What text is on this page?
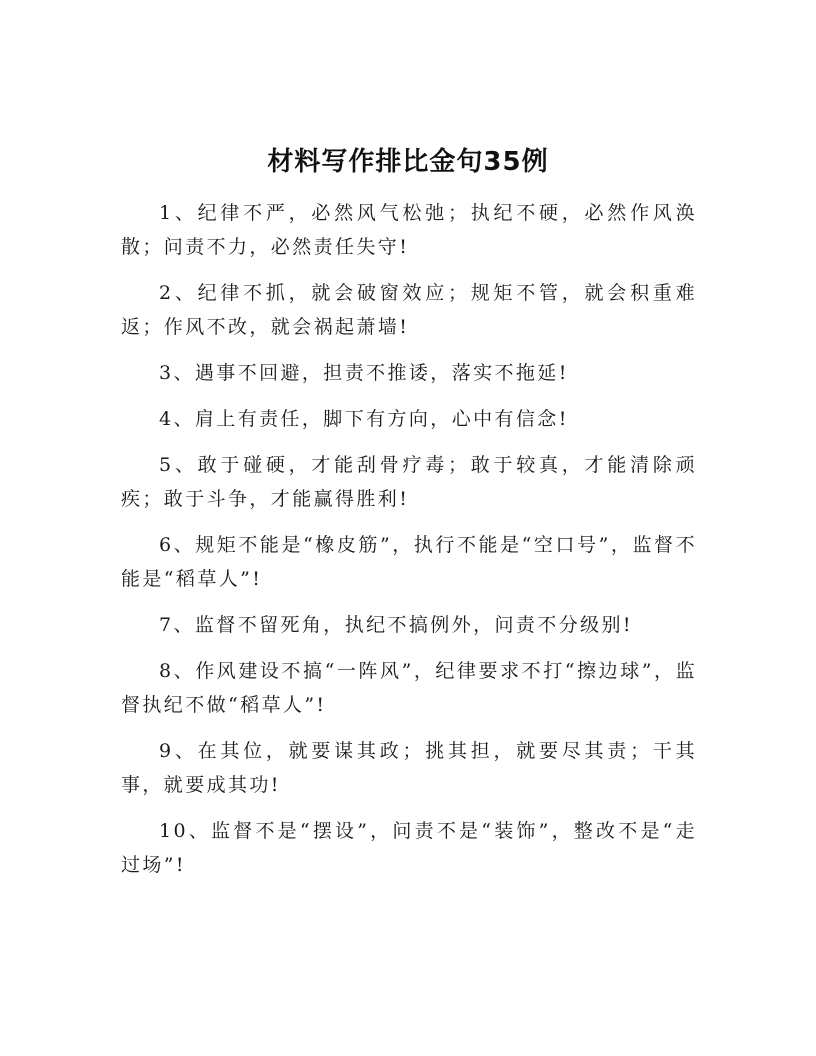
材料写作排比金句35例

1、纪律不严，必然风气松弛；执纪不硬，必然作风涣散；问责不力，必然责任失守!

2、纪律不抓，就会破窗效应；规矩不管，就会积重难返；作风不改，就会祸起萧墙!

3、遇事不回避，担责不推诿，落实不拖延!

4、肩上有责任，脚下有方向，心中有信念!

5、敢于碰硬，才能刮骨疗毒；敢于较真，才能清除顽疾；敢于斗争，才能赢得胜利!

6、规矩不能是“橡皮筋”，执行不能是“空口号”，监督不能是“稻草人”!

7、监督不留死角，执纪不搞例外，问责不分级别!

8、作风建设不搞“一阵风”，纪律要求不打“擦边球”，监督执纪不做“稻草人”!

9、在其位，就要谋其政；挑其担，就要尽其责；干其事，就要成其功!

10、监督不是“摆设”，问责不是“装饰”，整改不是“走过场”!
